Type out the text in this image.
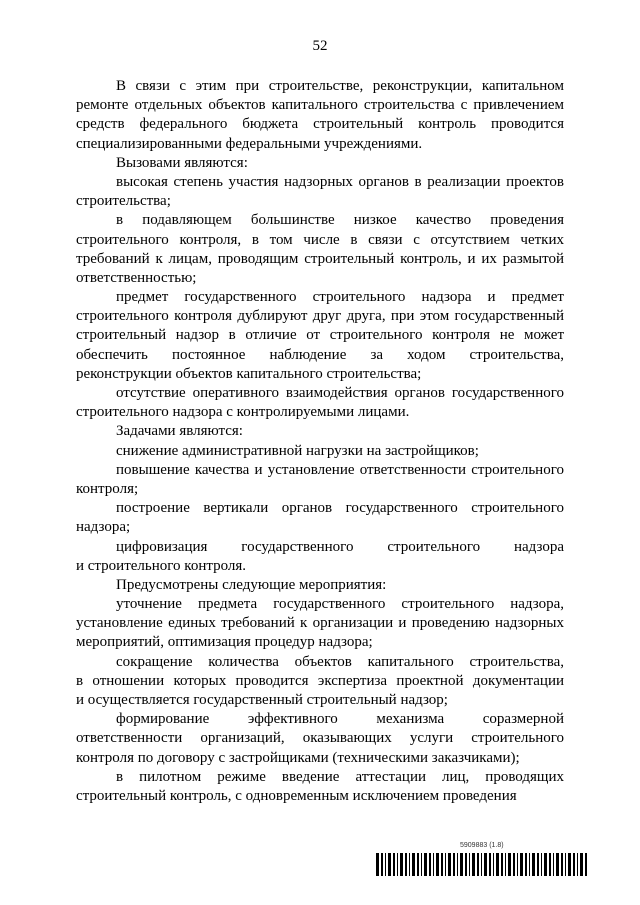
52
В связи с этим при строительстве, реконструкции, капитальном
ремонте отдельных объектов капитального строительства с привлечением
средств федерального бюджета строительный контроль проводится
специализированными федеральными учреждениями.
Вызовами являются:
высокая степень участия надзорных органов в реализации проектов
строительства;
в подавляющем большинстве низкое качество проведения
строительного контроля, в том числе в связи с отсутствием четких
требований к лицам, проводящим строительный контроль, и их размытой
ответственностью;
предмет государственного строительного надзора и предмет
строительного контроля дублируют друг друга, при этом государственный
строительный надзор в отличие от строительного контроля не может
обеспечить постоянное наблюдение за ходом строительства,
реконструкции объектов капитального строительства;
отсутствие оперативного взаимодействия органов государственного
строительного надзора с контролируемыми лицами.
Задачами являются:
снижение административной нагрузки на застройщиков;
повышение качества и установление ответственности строительного
контроля;
построение вертикали органов государственного строительного
надзора;
цифровизация государственного строительного надзора
и строительного контроля.
Предусмотрены следующие мероприятия:
уточнение предмета государственного строительного надзора,
установление единых требований к организации и проведению надзорных
мероприятий, оптимизация процедур надзора;
сокращение количества объектов капитального строительства,
в отношении которых проводится экспертиза проектной документации
и осуществляется государственный строительный надзор;
формирование эффективного механизма соразмерной
ответственности организаций, оказывающих услуги строительного
контроля по договору с застройщиками (техническими заказчиками);
в пилотном режиме введение аттестации лиц, проводящих
строительный контроль, с одновременным исключением проведения
5909883 (1.8)
